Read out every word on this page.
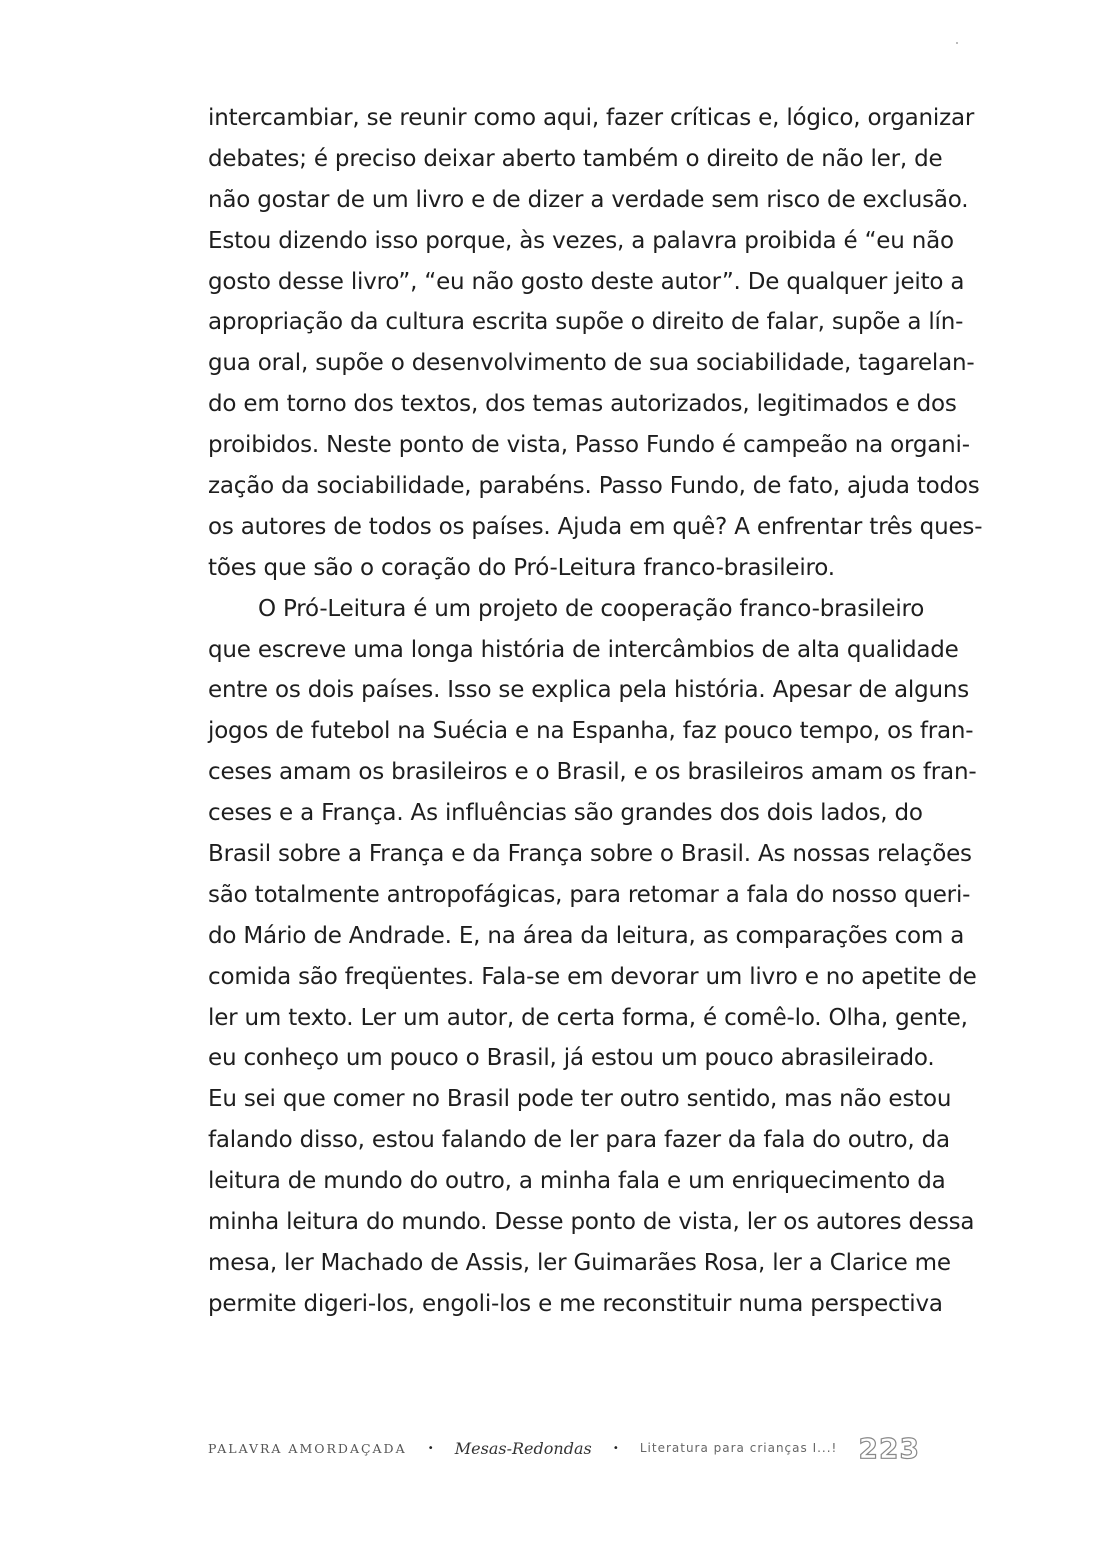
intercambiar, se reunir como aqui, fazer críticas e, lógico, organizar
debates; é preciso deixar aberto também o direito de não ler, de
não gostar de um livro e de dizer a verdade sem risco de exclusão.
Estou dizendo isso porque, às vezes, a palavra proibida é “eu não
gosto desse livro”, “eu não gosto deste autor”. De qualquer jeito a
apropriação da cultura escrita supõe o direito de falar, supõe a lín-
gua oral, supõe o desenvolvimento de sua sociabilidade, tagarelan-
do em torno dos textos, dos temas autorizados, legitimados e dos
proibidos. Neste ponto de vista, Passo Fundo é campeão na organi-
zação da sociabilidade, parabéns. Passo Fundo, de fato, ajuda todos
os autores de todos os países. Ajuda em quê? A enfrentar três ques-
tões que são o coração do Pró-Leitura franco-brasileiro.
O Pró-Leitura é um projeto de cooperação franco-brasileiro
que escreve uma longa história de intercâmbios de alta qualidade
entre os dois países. Isso se explica pela história. Apesar de alguns
jogos de futebol na Suécia e na Espanha, faz pouco tempo, os fran-
ceses amam os brasileiros e o Brasil, e os brasileiros amam os fran-
ceses e a França. As influências são grandes dos dois lados, do
Brasil sobre a França e da França sobre o Brasil. As nossas relações
são totalmente antropofágicas, para retomar a fala do nosso queri-
do Mário de Andrade. E, na área da leitura, as comparações com a
comida são freqüentes. Fala-se em devorar um livro e no apetite de
ler um texto. Ler um autor, de certa forma, é comê-lo. Olha, gente,
eu conheço um pouco o Brasil, já estou um pouco abrasileirado.
Eu sei que comer no Brasil pode ter outro sentido, mas não estou
falando disso, estou falando de ler para fazer da fala do outro, da
leitura de mundo do outro, a minha fala e um enriquecimento da
minha leitura do mundo. Desse ponto de vista, ler os autores dessa
mesa, ler Machado de Assis, ler Guimarães Rosa, ler a Clarice me
permite digeri-los, engoli-los e me reconstituir numa perspectiva
PALAVRA AMORDAÇADA • Mesas-Redondas • Literatura para crianças I...! 223
